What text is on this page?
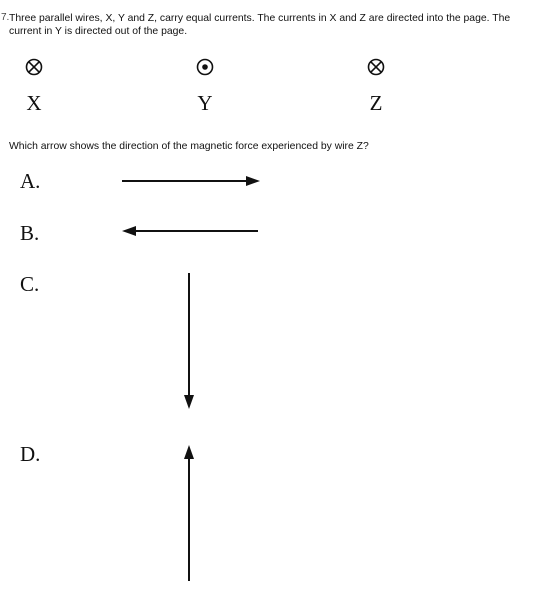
7. Three parallel wires, X, Y and Z, carry equal currents. The currents in X and Z are directed into the page. The
current in Y is directed out of the page.

X	Y	Z

Which arrow shows the direction of the magnetic force experienced by wire Z?

A.
B.
C.
D.
